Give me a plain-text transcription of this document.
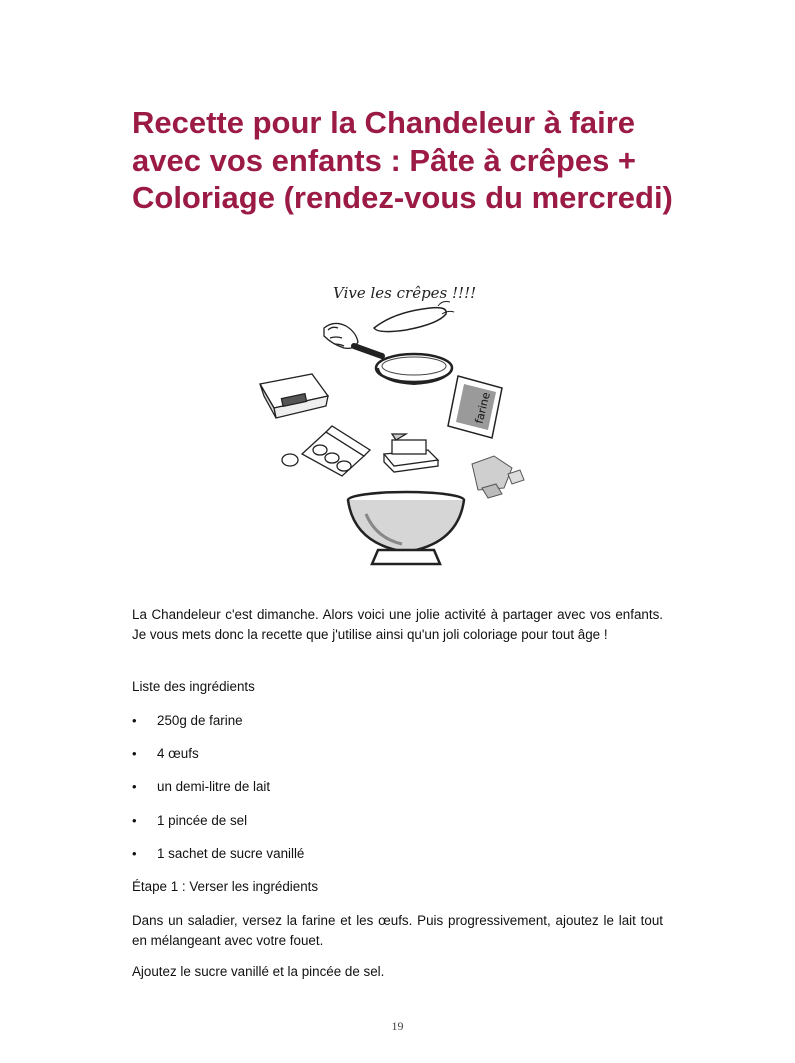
Recette pour la Chandeleur à faire avec vos enfants : Pâte à crêpes + Coloriage (rendez-vous du mercredi)
Vive les crêpes !!!!
farine

La Chandeleur c'est dimanche. Alors voici une jolie activité à partager avec vos enfants. Je vous mets donc la recette que j'utilise ainsi qu'un joli coloriage pour tout âge !

Liste des ingrédients

• 250g de farine
• 4 œufs
• un demi-litre de lait
• 1 pincée de sel
• 1 sachet de sucre vanillé

Étape 1 : Verser les ingrédients

Dans un saladier, versez la farine et les œufs. Puis progressivement, ajoutez le lait tout en mélangeant avec votre fouet.

Ajoutez le sucre vanillé et la pincée de sel.

19
